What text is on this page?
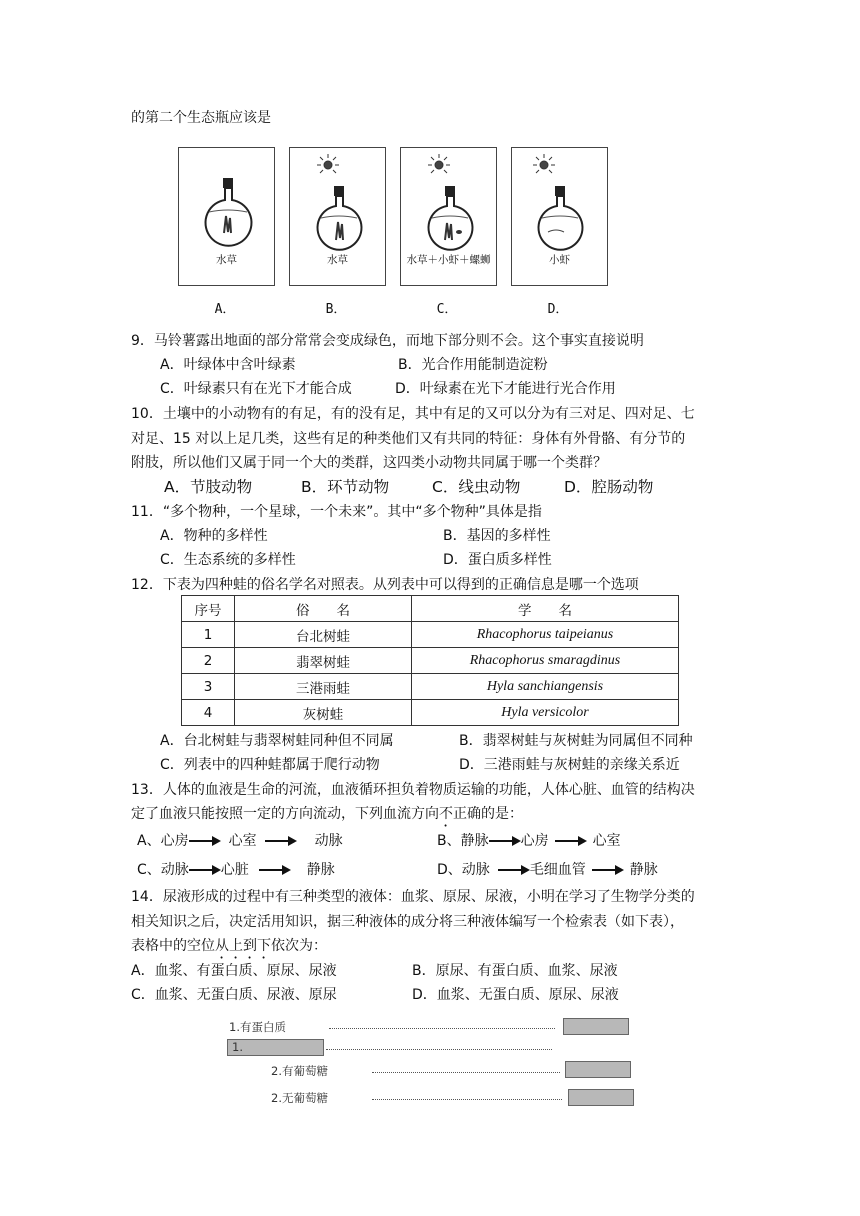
的第二个生态瓶应该是
水草	水草	水草＋小虾＋螺蛳	小虾
A．	B．	C．	D．
9．马铃薯露出地面的部分常常会变成绿色，而地下部分则不会。这个事实直接说明
A．叶绿体中含叶绿素	B．光合作用能制造淀粉
C．叶绿素只有在光下才能合成	D．叶绿素在光下才能进行光合作用
10．土壤中的小动物有的有足，有的没有足，其中有足的又可以分为有三对足、四对足、七
对足、15 对以上足几类，这些有足的种类他们又有共同的特征：身体有外骨骼、有分节的
附肢，所以他们又属于同一个大的类群，这四类小动物共同属于哪一个类群？
A．节肢动物	B．环节动物	C．线虫动物	D．腔肠动物
11．“多个物种，一个星球，一个未来”。其中“多个物种”具体是指
A．物种的多样性	B．基因的多样性
C．生态系统的多样性	D．蛋白质多样性
12．下表为四种蛙的俗名学名对照表。从列表中可以得到的正确信息是哪一个选项
序号	俗　　名	学　　名
1	台北树蛙	Rhacophorus taipeianus
2	翡翠树蛙	Rhacophorus smaragdinus
3	三港雨蛙	Hyla sanchiangensis
4	灰树蛙	Hyla versicolor
A．台北树蛙与翡翠树蛙同种但不同属	B．翡翠树蛙与灰树蛙为同属但不同种
C．列表中的四种蛙都属于爬行动物	D．三港雨蛙与灰树蛙的亲缘关系近
13．人体的血液是生命的河流，血液循环担负着物质运输的功能，人体心脏、血管的结构决
定了血液只能按照一定的方向流动，下列血流方向不正确的是：
A、心房	心室	动脉	B、静脉 心房	心室
C、动脉 心脏	静脉	D、动脉	毛细血管	静脉
14．尿液形成的过程中有三种类型的液体：血浆、原尿、尿液，小明在学习了生物学分类的
相关知识之后，决定活用知识，据三种液体的成分将三种液体编写一个检索表（如下表），
表格中的空位从上到下依次为：
A．血浆、有蛋白质、原尿、尿液	B．原尿、有蛋白质、血浆、尿液
C．血浆、无蛋白质、尿液、原尿	D．血浆、无蛋白质、原尿、尿液
1.有蛋白质
1.
2.有葡萄糖
2.无葡萄糖
